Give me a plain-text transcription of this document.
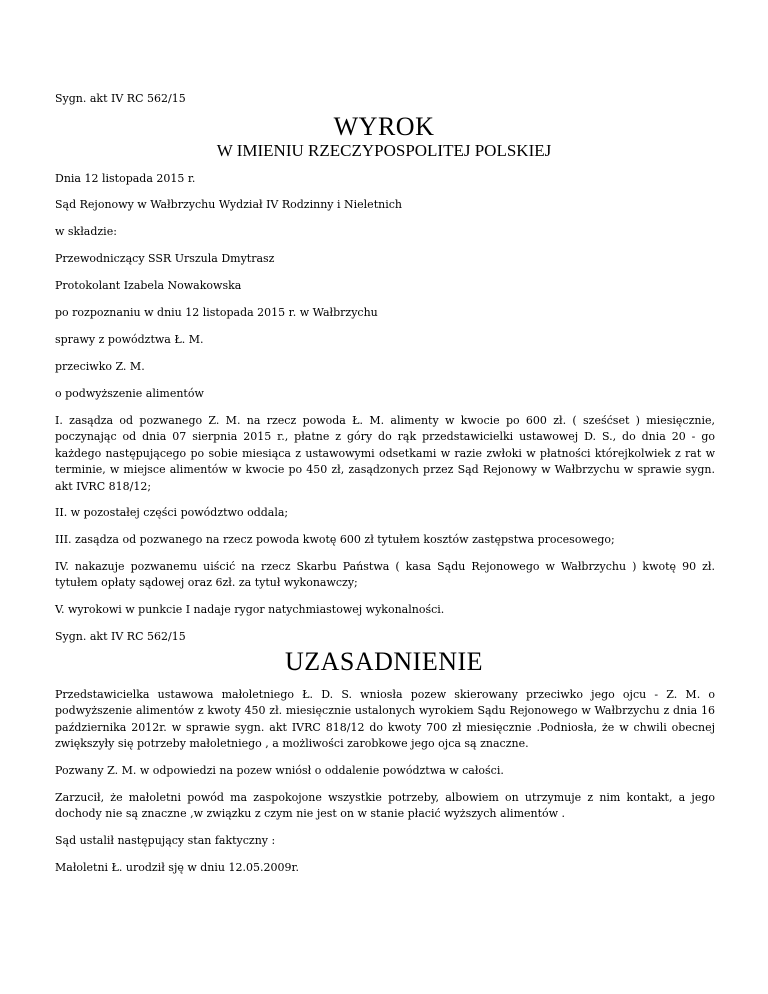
Sygn. akt IV RC 562/15
WYROK
W IMIENIU RZECZYPOSPOLITEJ POLSKIEJ
Dnia 12 listopada 2015 r.
Sąd Rejonowy w Wałbrzychu Wydział IV Rodzinny i Nieletnich
w składzie:
Przewodniczący SSR Urszula Dmytrasz
Protokolant Izabela Nowakowska
po rozpoznaniu w dniu 12 listopada 2015 r. w Wałbrzychu
sprawy z powództwa Ł. M.
przeciwko Z. M.
o podwyższenie alimentów
I. zasądza od pozwanego Z. M. na rzecz powoda Ł. M. alimenty w kwocie po 600 zł. ( sześćset ) miesięcznie, poczynając od dnia 07 sierpnia 2015 r., płatne z góry do rąk przedstawicielki ustawowej D. S., do dnia 20 - go każdego następującego po sobie miesiąca z ustawowymi odsetkami w razie zwłoki w płatności którejkolwiek z rat w terminie, w miejsce alimentów w kwocie po 450 zł, zasądzonych przez Sąd Rejonowy w Wałbrzychu w sprawie sygn. akt IVRC 818/12;
II. w pozostałej części powództwo oddala;
III. zasądza od pozwanego na rzecz powoda kwotę 600 zł tytułem kosztów zastępstwa procesowego;
IV. nakazuje pozwanemu uiścić na rzecz Skarbu Państwa ( kasa Sądu Rejonowego w Wałbrzychu ) kwotę 90 zł. tytułem opłaty sądowej oraz 6zł. za tytuł wykonawczy;
V. wyrokowi w punkcie I nadaje rygor natychmiastowej wykonalności.
Sygn. akt IV RC 562/15
UZASADNIENIE
Przedstawicielka ustawowa małoletniego Ł. D. S. wniosła pozew skierowany przeciwko jego ojcu - Z. M. o podwyższenie alimentów z kwoty 450 zł. miesięcznie ustalonych wyrokiem Sądu Rejonowego w Wałbrzychu z dnia 16 października 2012r. w sprawie sygn. akt IVRC 818/12 do kwoty 700 zł miesięcznie .Podniosła, że w chwili obecnej zwiększyły się potrzeby małoletniego , a możliwości zarobkowe jego ojca są znaczne.
Pozwany Z. M. w odpowiedzi na pozew wniósł o oddalenie powództwa w całości.
Zarzucił, że małoletni powód ma zaspokojone wszystkie potrzeby, albowiem on utrzymuje z nim kontakt, a jego dochody nie są znaczne ,w związku z czym nie jest on w stanie płacić wyższych alimentów .
Sąd ustalił następujący stan faktyczny :
Małoletni Ł. urodził sję w dniu 12.05.2009r.
